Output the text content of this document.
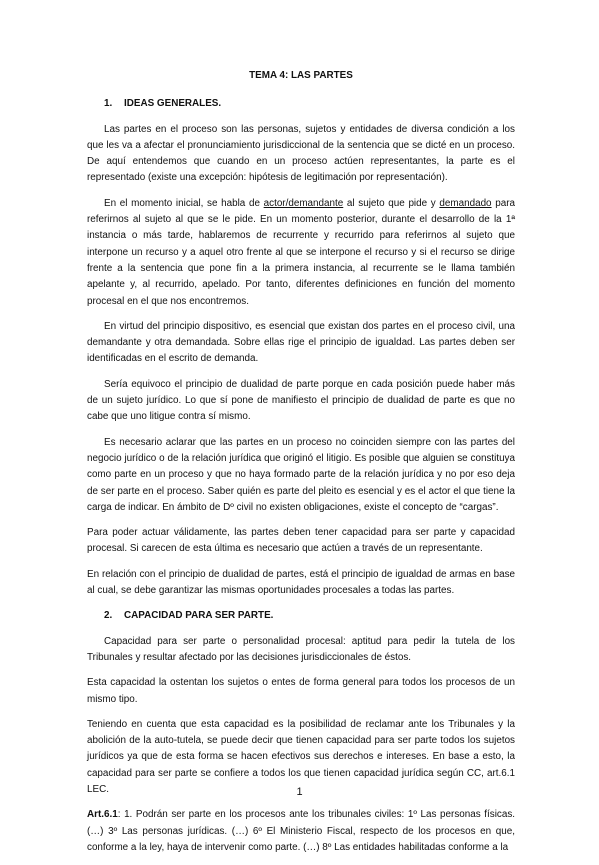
TEMA 4: LAS PARTES
1. IDEAS GENERALES.

Las partes en el proceso son las personas, sujetos y entidades de diversa condición a los que les va a afectar el pronunciamiento jurisdiccional de la sentencia que se dicté en un proceso. De aquí entendemos que cuando en un proceso actúen representantes, la parte es el representado (existe una excepción: hipótesis de legitimación por representación).

En el momento inicial, se habla de actor/demandante al sujeto que pide y demandado para referirnos al sujeto al que se le pide. En un momento posterior, durante el desarrollo de la 1ª instancia o más tarde, hablaremos de recurrente y recurrido para referirnos al sujeto que interpone un recurso y a aquel otro frente al que se interpone el recurso y si el recurso se dirige frente a la sentencia que pone fin a la primera instancia, al recurrente se le llama también apelante y, al recurrido, apelado. Por tanto, diferentes definiciones en función del momento procesal en el que nos encontremos.

En virtud del principio dispositivo, es esencial que existan dos partes en el proceso civil, una demandante y otra demandada. Sobre ellas rige el principio de igualdad. Las partes deben ser identificadas en el escrito de demanda.

Sería equivoco el principio de dualidad de parte porque en cada posición puede haber más de un sujeto jurídico. Lo que sí pone de manifiesto el principio de dualidad de parte es que no cabe que uno litigue contra sí mismo.

Es necesario aclarar que las partes en un proceso no coinciden siempre con las partes del negocio jurídico o de la relación jurídica que originó el litigio. Es posible que alguien se constituya como parte en un proceso y que no haya formado parte de la relación jurídica y no por eso deja de ser parte en el proceso. Saber quién es parte del pleito es esencial y es el actor el que tiene la carga de indicar. En ámbito de Dº civil no existen obligaciones, existe el concepto de “cargas”.

Para poder actuar válidamente, las partes deben tener capacidad para ser parte y capacidad procesal. Si carecen de esta última es necesario que actúen a través de un representante.

En relación con el principio de dualidad de partes, está el principio de igualdad de armas en base al cual, se debe garantizar las mismas oportunidades procesales a todas las partes.

2. CAPACIDAD PARA SER PARTE.

Capacidad para ser parte o personalidad procesal: aptitud para pedir la tutela de los Tribunales y resultar afectado por las decisiones jurisdiccionales de éstos.

Esta capacidad la ostentan los sujetos o entes de forma general para todos los procesos de un mismo tipo.

Teniendo en cuenta que esta capacidad es la posibilidad de reclamar ante los Tribunales y la abolición de la auto-tutela, se puede decir que tienen capacidad para ser parte todos los sujetos jurídicos ya que de esta forma se hacen efectivos sus derechos e intereses. En base a esto, la capacidad para ser parte se confiere a todos los que tienen capacidad jurídica según CC, art.6.1 LEC.

Art.6.1: 1. Podrán ser parte en los procesos ante los tribunales civiles: 1º Las personas físicas. (…) 3º Las personas jurídicas. (…) 6º El Ministerio Fiscal, respecto de los procesos en que, conforme a la ley, haya de intervenir como parte. (…) 8º Las entidades habilitadas conforme a la

1
